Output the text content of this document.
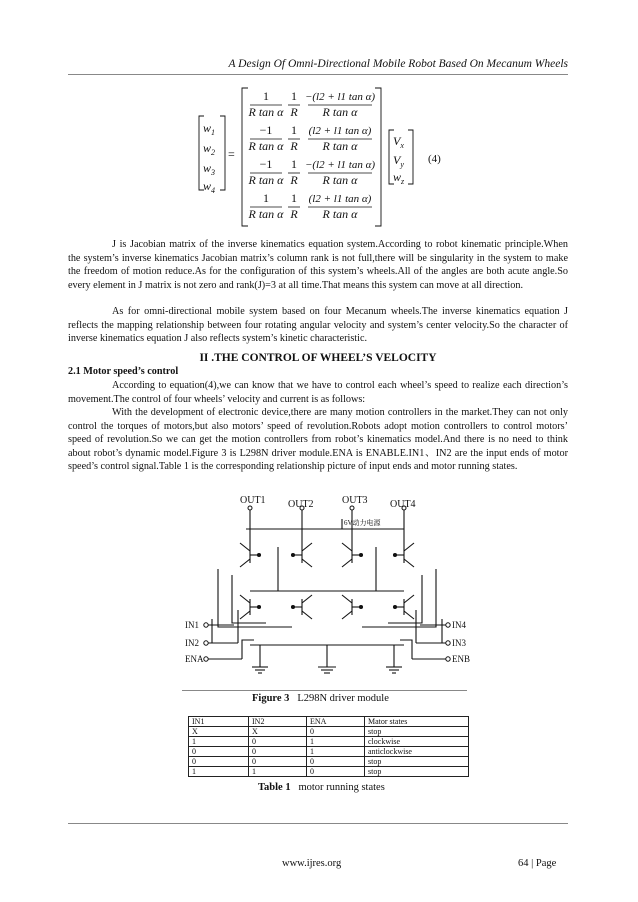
A Design Of Omni-Directional Mobile Robot Based On Mecanum Wheels
$w_1$
$w_2$
$w_3$
$w_4$
=
1
R tan α
1
R
−(l2 + l1 tan α)
R tan α
−1
R tan α
1
R
(l2 + l1 tan α)
R tan α
−1
R tan α
1
R
−(l2 + l1 tan α)
R tan α
1
R tan α
1
R
(l2 + l1 tan α)
R tan α
$V_x$
$V_y$
$w_z$
(4)

J is Jacobian matrix of the inverse kinematics equation system.According to robot kinematic principle.When the system’s inverse kinematics Jacobian matrix’s column rank is not full,there will be singularity in the system to make the freedom of motion reduce.As for the configuration of this system’s wheels.All of the angles are both acute angle.So every element in J matrix is not zero and rank(J)=3 at all time.That means this system can move at all direction.

As for omni-directional mobile system based on four Mecanum wheels.The inverse kinematics equation J reflects the mapping relationship between four rotating angular velocity and system’s center velocity.So the character of inverse kinematics equation J also reflects system’s kinetic characteristic.

II .THE CONTROL OF WHEEL’S VELOCITY
2.1 Motor speed’s control

According to equation(4),we can know that we have to control each wheel’s speed to realize each direction’s movement.The control of four wheels’ velocity and current is as follows:

With the development of electronic device,there are many motion controllers in the market.They can not only control the torques of motors,but also motors’ speed of revolution.Robots adopt motion controllers to control motors’ speed of revolution.So we can get the motion controllers from robot’s kinematics model.And there is no need to think about robot’s dynamic model.Figure 3 is L298N driver module.ENA is ENABLE.IN1、IN2 are the input ends of motor speed’s control signal.Table 1 is the corresponding relationship picture of input ends and motor running states.

OUT1 OUT2	OUT3 OUT4
6V动力电源
IN1
IN2
ENA
IN4
IN3
ENB
Figure 3 L298N driver module
IN1	IN2	ENA	Mator states
X	X	0	stop
1	0	1	clockwise
0	0	1	anticlockwise
0	0	0	stop
1	1	0	stop
Table 1 motor running states
www.ijres.org	64 | Page
